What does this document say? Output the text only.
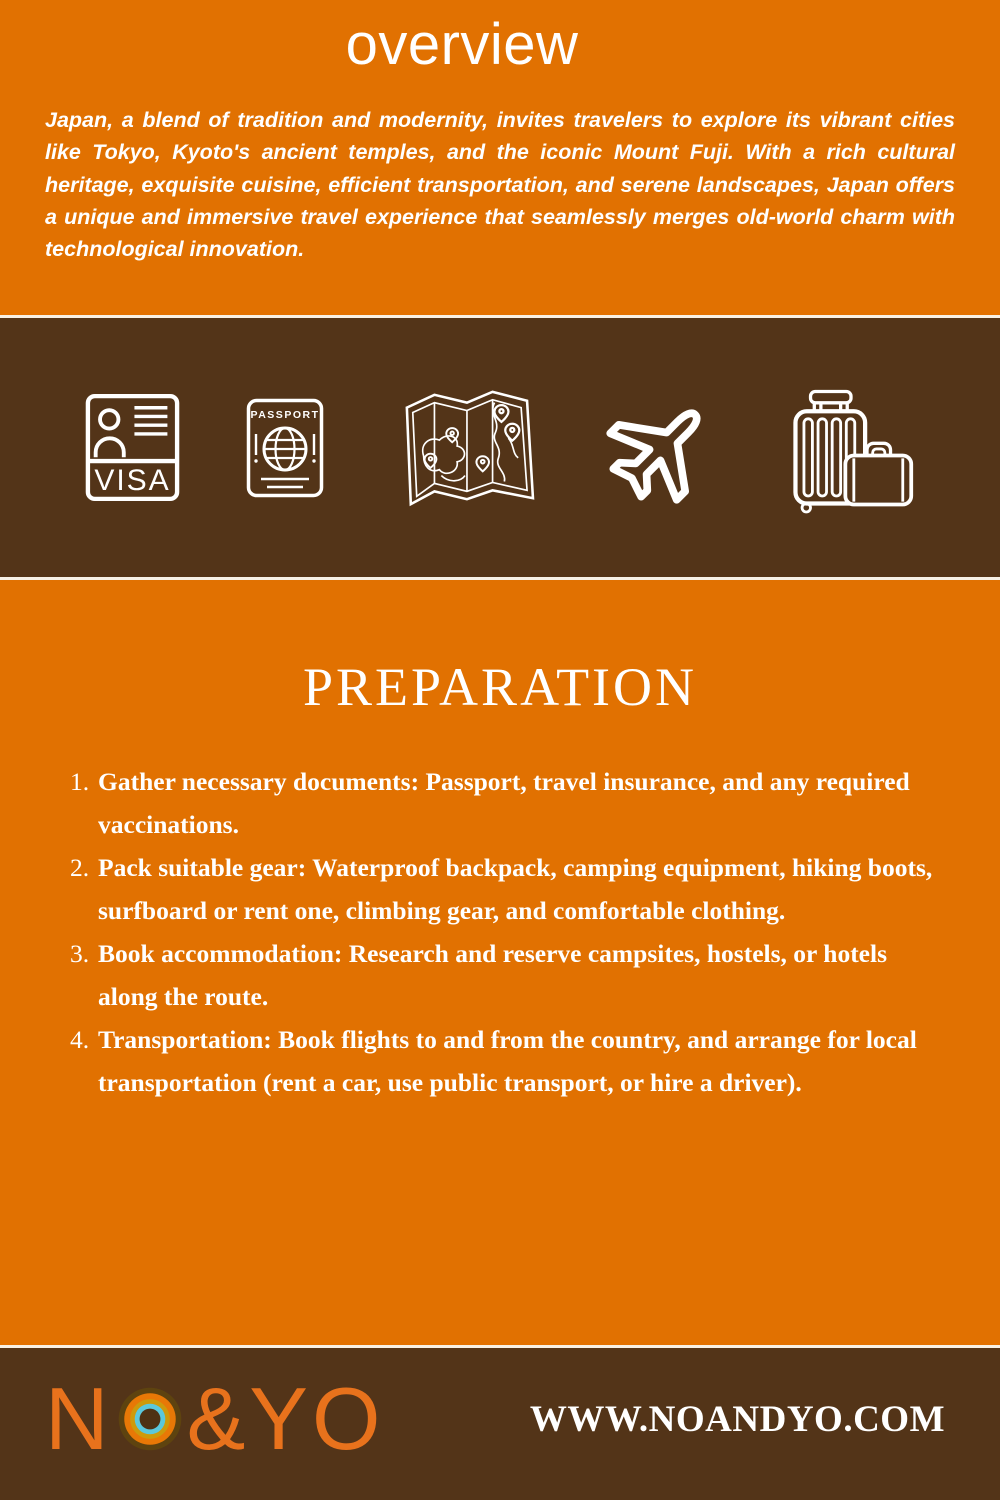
overview

Japan, a blend of tradition and modernity, invites travelers to explore its vibrant cities like Tokyo, Kyoto's ancient temples, and the iconic Mount Fuji. With a rich cultural heritage, exquisite cuisine, efficient transportation, and serene landscapes, Japan offers a unique and immersive travel experience that seamlessly merges old-world charm with technological innovation.

VISA
PASSPORT
PREPARATION
1. Gather necessary documents: Passport, travel insurance, and any required vaccinations.
2. Pack suitable gear: Waterproof backpack, camping equipment, hiking boots, surfboard or rent one, climbing gear, and comfortable clothing.
3. Book accommodation: Research and reserve campsites, hostels, or hotels along the route.
4. Transportation: Book flights to and from the country, and arrange for local transportation (rent a car, use public transport, or hire a driver).
N &YO	WWW.NOANDYO.COM
